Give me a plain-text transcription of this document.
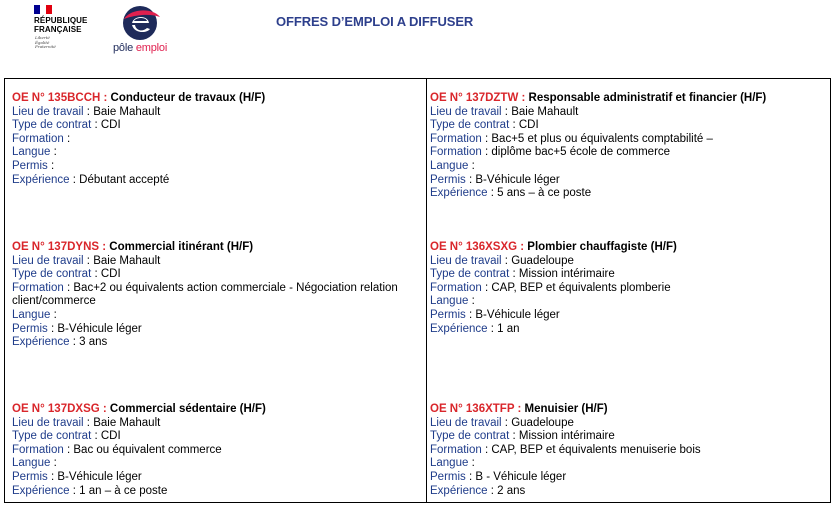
RÉPUBLIQUE
FRANÇAISE
Liberté
Égalité
Fraternité	pôle emploi
OFFRES D’EMPLOI A DIFFUSER
OE N° 135BCCH : Conducteur de travaux (H/F)
Lieu de travail : Baie Mahault
Type de contrat : CDI
Formation :
Langue :
Permis :
Expérience : Débutant accepté
OE N° 137DZTW : Responsable administratif et financier (H/F)
Lieu de travail : Baie Mahault
Type de contrat : CDI
Formation : Bac+5 et plus ou équivalents comptabilité –
Formation : diplôme bac+5 école de commerce
Langue :
Permis : B-Véhicule léger
Expérience : 5 ans – à ce poste
OE N° 137DYNS : Commercial itinérant (H/F)
Lieu de travail : Baie Mahault
Type de contrat : CDI
Formation : Bac+2 ou équivalents action commerciale - Négociation relation client/commerce
Langue :
Permis : B-Véhicule léger
Expérience : 3 ans
OE N° 136XSXG : Plombier chauffagiste (H/F)
Lieu de travail : Guadeloupe
Type de contrat : Mission intérimaire
Formation : CAP, BEP et équivalents plomberie
Langue :
Permis : B-Véhicule léger
Expérience : 1 an
OE N° 137DXSG : Commercial sédentaire (H/F)
Lieu de travail : Baie Mahault
Type de contrat : CDI
Formation : Bac ou équivalent commerce
Langue :
Permis : B-Véhicule léger
Expérience : 1 an – à ce poste
OE N° 136XTFP : Menuisier (H/F)
Lieu de travail : Guadeloupe
Type de contrat : Mission intérimaire
Formation : CAP, BEP et équivalents menuiserie bois
Langue :
Permis : B - Véhicule léger
Expérience : 2 ans
